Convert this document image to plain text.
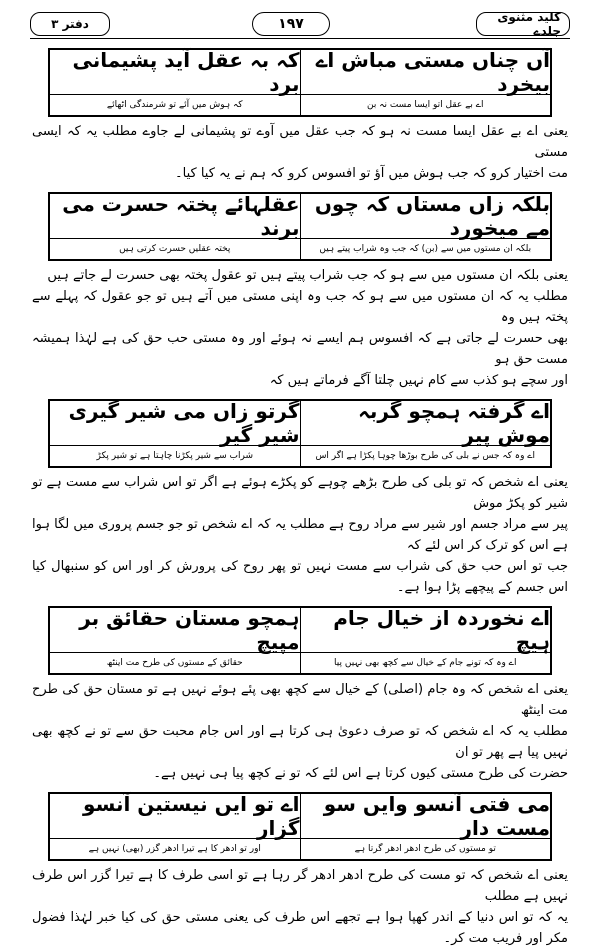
دفتر ۳	۱۹۷	کلید مثنوی جلدے
آں چناں مستی مباش اے بیخرد
کہ بہ عقل آید پشیمانی برد
اے بے عقل اتو ایسا مست نہ بن
کہ ہوش میں آئے تو شرمندگی اٹھائے

یعنی اے بے عقل ایسا مست نہ ہو کہ جب عقل میں آوے تو پشیمانی لے جاوے مطلب یہ کہ ایسی مستی

مت اختیار کرو کہ جب ہوش میں آؤ تو افسوس کرو کہ ہم نے یہ کیا کیا۔

بلکہ زاں مستاں کہ چوں مے میخورد
عقلہائے پختہ حسرت می برند
بلکہ ان مستوں میں سے (بن) کہ جب وہ شراب پیتے ہیں
پختہ عقلیں حسرت کرتی ہیں

یعنی بلکہ ان مستوں میں سے ہو کہ جب شراب پیتے ہیں تو عقول پختہ بھی حسرت لے جاتے ہیں

مطلب یہ کہ ان مستوں میں سے ہو کہ جب وہ اپنی مستی میں آتے ہیں تو جو عقول کہ پہلے سے پختہ ہیں وہ

بھی حسرت لے جاتی ہے کہ افسوس ہم ایسے نہ ہوئے اور وہ مستی حب حق کی ہے لہٰذا ہمیشہ مست حق ہو

اور سچے ہو کذب سے کام نہیں چلتا آگے فرماتے ہیں کہ

اے گرفتہ ہمچو گربہ موش پیر
گرتو زاں می شیر گیری شیر گیر
اے وہ کہ جس نے بلی کی طرح بوڑھا چوہا پکڑا ہے اگر اس
شراب سے شیر پکڑنا چاہتا ہے تو شیر پکڑ

یعنی اے شخص کہ تو بلی کی طرح بڑھے چوہے کو پکڑے ہوئے ہے اگر تو اس شراب سے مست ہے تو شیر کو پکڑ موش

پیر سے مراد جسم اور شیر سے مراد روح ہے مطلب یہ کہ اے شخص تو جو جسم پروری میں لگا ہوا ہے اس کو ترک کر اس لئے کہ

جب تو اس حب حق کی شراب سے مست نہیں تو پھر روح کی پرورش کر اور اس کو سنبھال کیا اس جسم کے پیچھے پڑا ہوا ہے۔

اے نخوردہ از خیال جام ہیچ
ہمچو مستان حقائق بر مپیچ
اے وہ کہ تونے جام کے خیال سے کچھ بھی نہیں پیا
حقائق کے مستوں کی طرح مت اینٹھ

یعنی اے شخص کہ وہ جام (اصلی) کے خیال سے کچھ بھی پئے ہوئے نہیں ہے تو مستان حق کی طرح مت اینٹھ

مطلب یہ کہ اے شخص کہ تو صرف دعویٰ ہی کرتا ہے اور اس جام محبت حق سے تو نے کچھ بھی نہیں پیا ہے پھر تو ان

حضرت کی طرح مستی کیوں کرتا ہے اس لئے کہ تو نے کچھ پیا ہی نہیں ہے۔

می فتی آنسو وایں سو مست دار
اے تو ایں نیستین آنسو گزار
تو مستوں کی طرح ادھر ادھر گرتا ہے
اور تو ادھر کا ہے تیرا ادھر گزر (بھی) نہیں ہے

یعنی اے شخص کہ تو مست کی طرح ادھر ادھر گر رہا ہے تو اسی طرف کا ہے تیرا گزر اس طرف نہیں ہے مطلب

یہ کہ تو اس دنیا کے اندر کھپا ہوا ہے تجھے اس طرف کی یعنی مستی حق کی کیا خبر لہٰذا فضول مکر اور فریب مت کر۔
